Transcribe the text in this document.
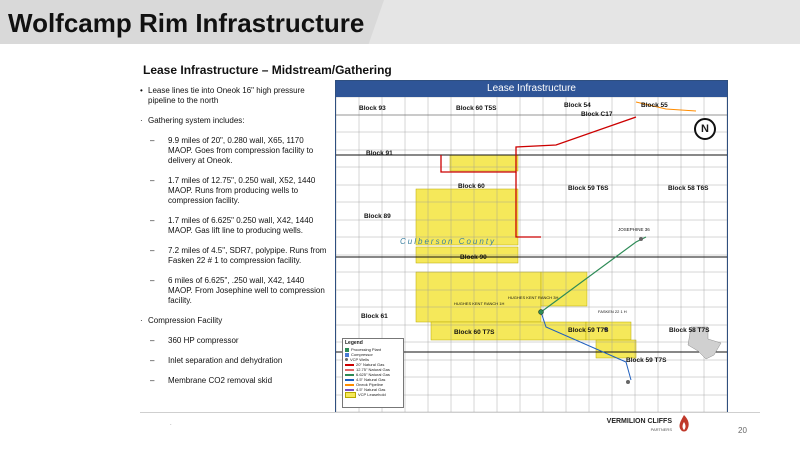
Wolfcamp Rim Infrastructure
Lease Infrastructure – Midstream/Gathering
• Lease lines tie into Oneok 16" high pressure pipeline to the north
· Gathering system includes:
– 9.9 miles of 20", 0.280 wall, X65, 1170 MAOP. Goes from compression facility to delivery at Oneok.
– 1.7 miles of 12.75", 0.250 wall, X52, 1440 MAOP. Runs from producing wells to compression facility.
– 1.7 miles of 6.625" 0.250 wall, X42, 1440 MAOP. Gas lift line to producing wells.
– 7.2 miles of 4.5", SDR7, polypipe. Runs from Fasken 22 # 1 to compression facility.
– 6 miles of 6.625", .250 wall, X42, 1440 MAOP. From Josephine well to compression facility.
· Compression Facility
– 360 HP compressor
– Inlet separation and dehydration
– Membrane CO2 removal skid
Lease Infrastructure
Block 93	Block 60 T5S	Block 54	Block 55
Block C17
Block 91
Block 60	Block 59 T6S	Block 58 T6S
Block 89
Block 90
Block 61
Block 60 T7S	Block 59 T7S
Block 59 T7S
Block 58 T7S
JOSEPHINE 36
HUGHES KENT RANCH 1H
HUGHES KENT RANCH 3H
FASKEN 22 1 H
Culberson County
N
Legend
Processing Plant
Compressor
VCP Wells
20" Natural Gas
12.75" Natural Gas
6.625" Natural Gas
4.5" Natural Gas
Oneok Pipeline
4.5" Natural Gas
VCP Leasehold
.	VERMILION CLIFFS
PARTNERS	20
